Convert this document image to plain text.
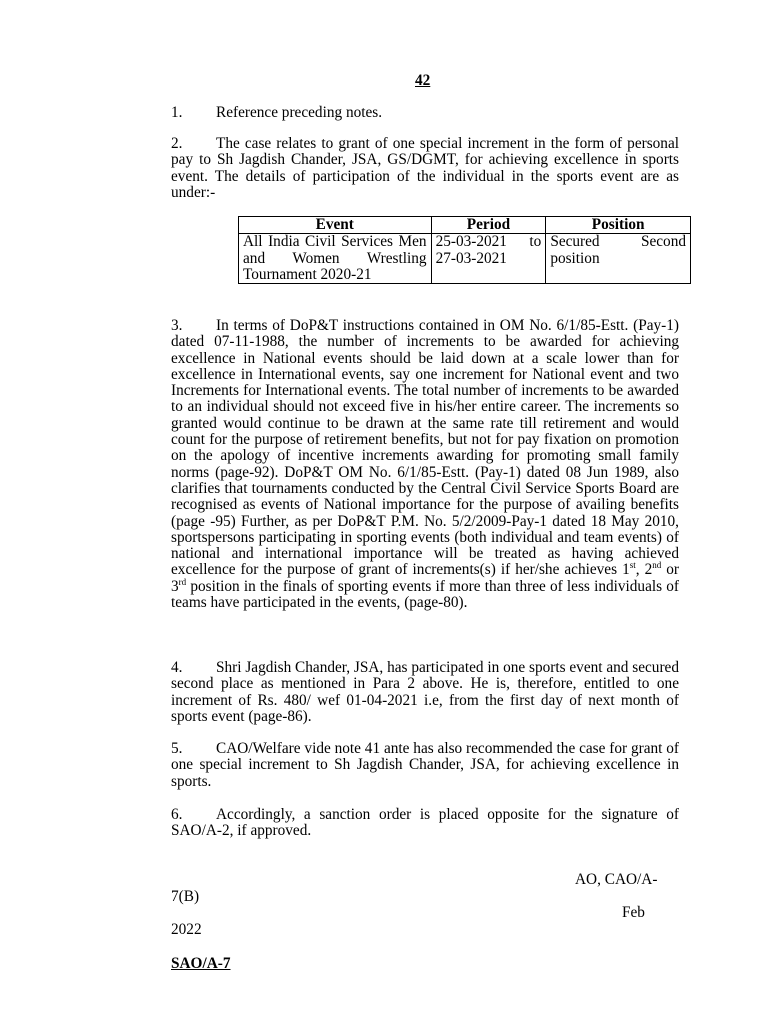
42
1. Reference preceding notes.
2. The case relates to grant of one special increment in the form of personal pay to Sh Jagdish Chander, JSA, GS/DGMT, for achieving excellence in sports event. The details of participation of the individual in the sports event are as under:-
Event	Period	Position
All India Civil Services Men and Women Wrestling Tournament 2020-21	25-03-2021 to 27-03-2021	Secured Second position
3. In terms of DoP&T instructions contained in OM No. 6/1/85-Estt. (Pay-1) dated 07-11-1988, the number of increments to be awarded for achieving excellence in National events should be laid down at a scale lower than for excellence in International events, say one increment for National event and two Increments for International events. The total number of increments to be awarded to an individual should not exceed five in his/her entire career. The increments so granted would continue to be drawn at the same rate till retirement and would count for the purpose of retirement benefits, but not for pay fixation on promotion on the apology of incentive increments awarding for promoting small family norms (page-92). DoP&T OM No. 6/1/85-Estt. (Pay-1) dated 08 Jun 1989, also clarifies that tournaments conducted by the Central Civil Service Sports Board are recognised as events of National importance for the purpose of availing benefits (page -95) Further, as per DoP&T P.M. No. 5/2/2009-Pay-1 dated 18 May 2010, sportspersons participating in sporting events (both individual and team events) of national and international importance will be treated as having achieved excellence for the purpose of grant of increments(s) if her/she achieves 1st, 2nd or 3rd position in the finals of sporting events if more than three of less individuals of teams have participated in the events, (page-80).
4. Shri Jagdish Chander, JSA, has participated in one sports event and secured second place as mentioned in Para 2 above. He is, therefore, entitled to one increment of Rs. 480/ wef 01-04-2021 i.e, from the first day of next month of sports event (page-86).
5. CAO/Welfare vide note 41 ante has also recommended the case for grant of one special increment to Sh Jagdish Chander, JSA, for achieving excellence in sports.
6. Accordingly, a sanction order is placed opposite for the signature of SAO/A-2, if approved.
AO, CAO/A-
7(B)
Feb
2022
SAO/A-7
